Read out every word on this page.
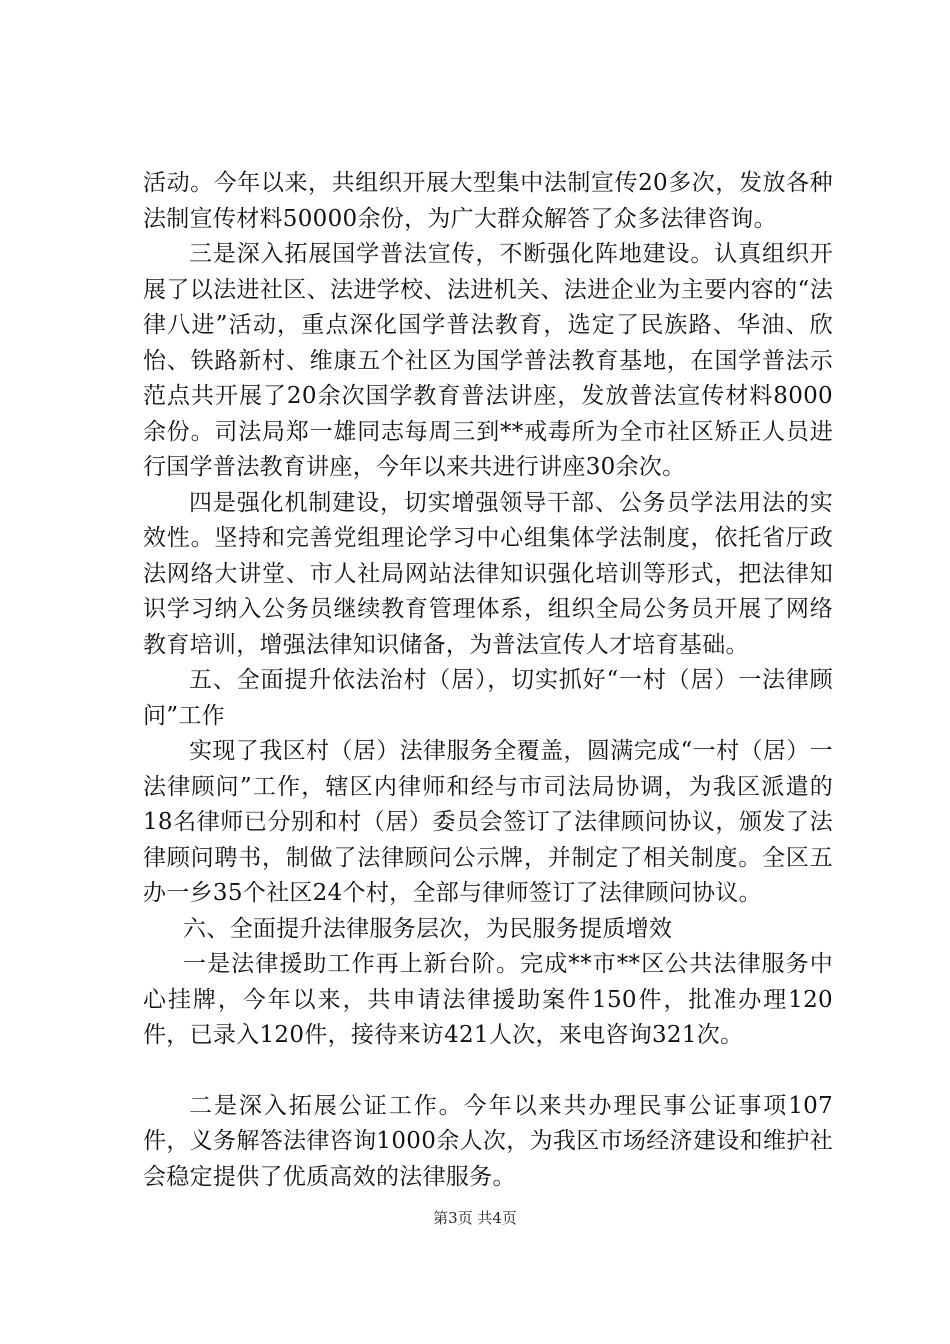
活动。今年以来，共组织开展大型集中法制宣传20多次，发放各种法制宣传材料50000余份，为广大群众解答了众多法律咨询。

三是深入拓展国学普法宣传，不断强化阵地建设。认真组织开展了以法进社区、法进学校、法进机关、法进企业为主要内容的“法律八进”活动，重点深化国学普法教育，选定了民族路、华油、欣怡、铁路新村、维康五个社区为国学普法教育基地，在国学普法示范点共开展了20余次国学教育普法讲座，发放普法宣传材料8000余份。司法局郑一雄同志每周三到**戒毒所为全市社区矫正人员进行国学普法教育讲座，今年以来共进行讲座30余次。

四是强化机制建设，切实增强领导干部、公务员学法用法的实效性。坚持和完善党组理论学习中心组集体学法制度，依托省厅政法网络大讲堂、市人社局网站法律知识强化培训等形式，把法律知识学习纳入公务员继续教育管理体系，组织全局公务员开展了网络教育培训，增强法律知识储备，为普法宣传人才培育基础。

五、全面提升依法治村（居），切实抓好“一村（居）一法律顾问”工作

实现了我区村（居）法律服务全覆盖，圆满完成“一村（居）一法律顾问”工作，辖区内律师和经与市司法局协调，为我区派遣的18名律师已分别和村（居）委员会签订了法律顾问协议，颁发了法律顾问聘书，制做了法律顾问公示牌，并制定了相关制度。全区五办一乡35个社区24个村，全部与律师签订了法律顾问协议。

六、全面提升法律服务层次，为民服务提质增效

一是法律援助工作再上新台阶。完成**市**区公共法律服务中心挂牌，今年以来，共申请法律援助案件150件，批准办理120件，已录入120件，接待来访421人次，来电咨询321次。

二是深入拓展公证工作。今年以来共办理民事公证事项107件，义务解答法律咨询1000余人次，为我区市场经济建设和维护社会稳定提供了优质高效的法律服务。

第3页 共4页
